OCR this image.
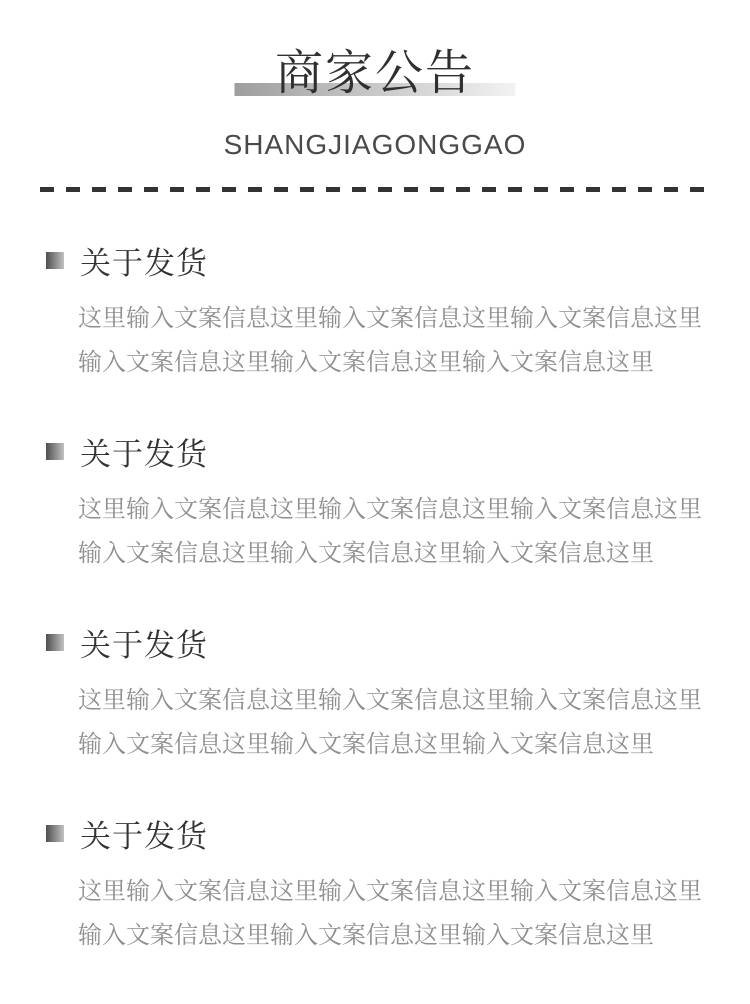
商家公告
SHANGJIAGONGGAO
关于发货
这里输入文案信息这里输入文案信息这里输入文案信息这里输入文案信息这里输入文案信息这里输入文案信息这里
关于发货
这里输入文案信息这里输入文案信息这里输入文案信息这里输入文案信息这里输入文案信息这里输入文案信息这里
关于发货
这里输入文案信息这里输入文案信息这里输入文案信息这里输入文案信息这里输入文案信息这里输入文案信息这里
关于发货
这里输入文案信息这里输入文案信息这里输入文案信息这里输入文案信息这里输入文案信息这里输入文案信息这里
